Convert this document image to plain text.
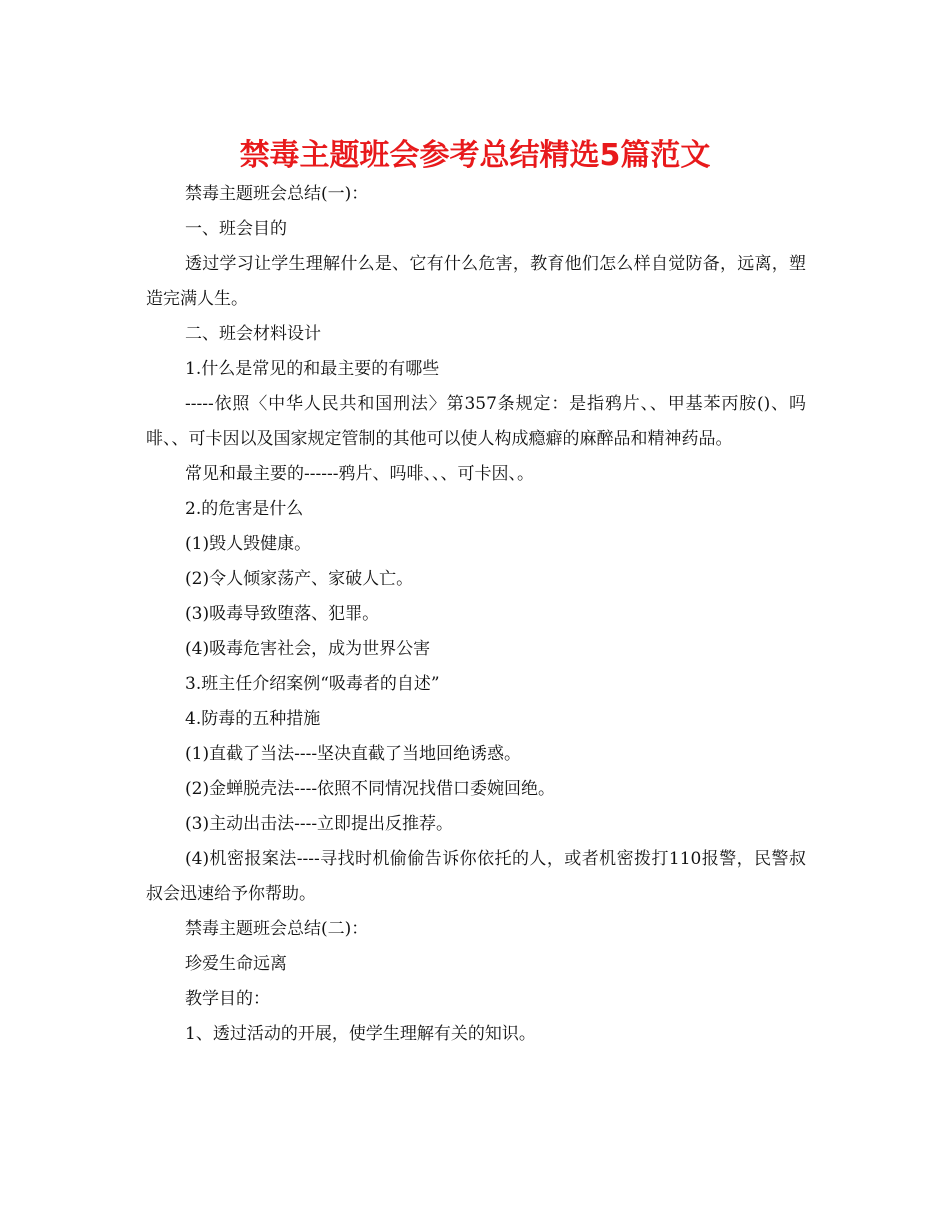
禁毒主题班会参考总结精选5篇范文

禁毒主题班会总结(一)：

一、班会目的

透过学习让学生理解什么是、它有什么危害，教育他们怎么样自觉防备，远离，塑造完满人生。

二、班会材料设计

1.什么是常见的和最主要的有哪些

-----依照〈中华人民共和国刑法〉第357条规定：是指鸦片、、甲基苯丙胺()、吗啡、、可卡因以及国家规定管制的其他可以使人构成瘾癖的麻醉品和精神药品。

常见和最主要的------鸦片、吗啡、、、可卡因、。

2.的危害是什么

(1)毁人毁健康。

(2)令人倾家荡产、家破人亡。

(3)吸毒导致堕落、犯罪。

(4)吸毒危害社会，成为世界公害

3.班主任介绍案例“吸毒者的自述”

4.防毒的五种措施

(1)直截了当法----坚决直截了当地回绝诱惑。

(2)金蝉脱壳法----依照不同情况找借口委婉回绝。

(3)主动出击法----立即提出反推荐。

(4)机密报案法----寻找时机偷偷告诉你依托的人，或者机密拨打110报警，民警叔叔会迅速给予你帮助。

禁毒主题班会总结(二)：

珍爱生命远离

教学目的：

1、透过活动的开展，使学生理解有关的知识。
